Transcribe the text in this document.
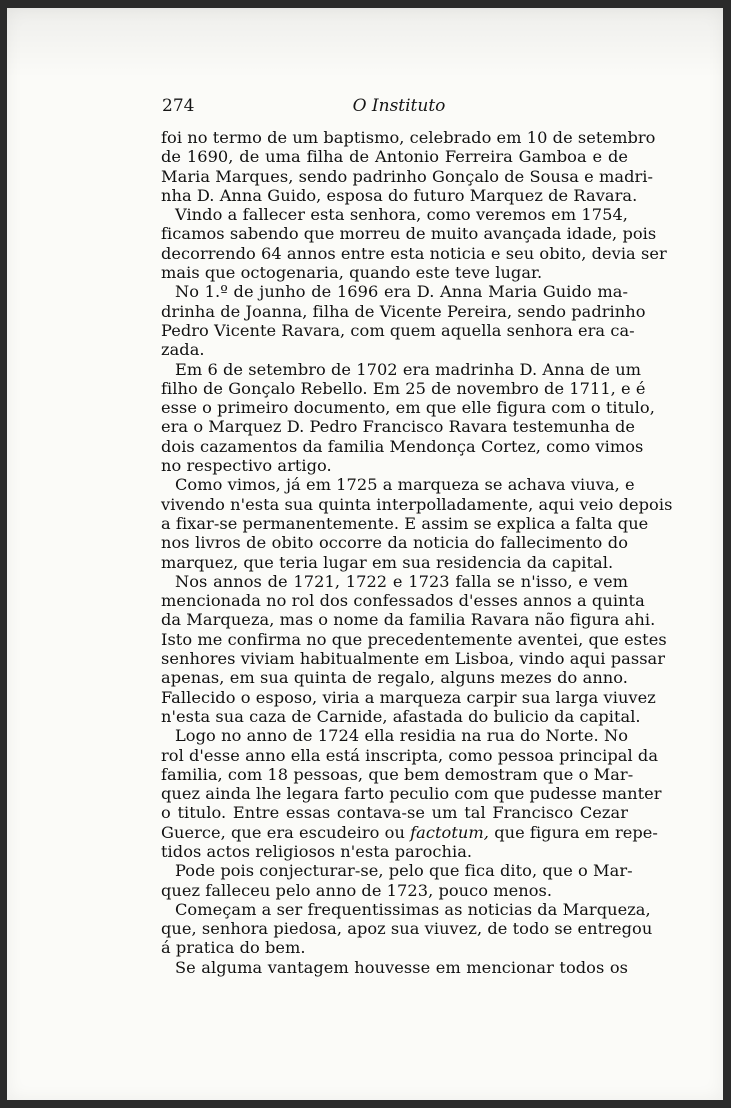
274	O Instituto
foi no termo de um baptismo, celebrado em 10 de setembro
de 1690, de uma filha de Antonio Ferreira Gamboa e de
Maria Marques, sendo padrinho Gonçalo de Sousa e madri-
nha D. Anna Guido, esposa do futuro Marquez de Ravara.
Vindo a fallecer esta senhora, como veremos em 1754,
ficamos sabendo que morreu de muito avançada idade, pois
decorrendo 64 annos entre esta noticia e seu obito, devia ser
mais que octogenaria, quando este teve lugar.
No 1.º de junho de 1696 era D. Anna Maria Guido ma-
drinha de Joanna, filha de Vicente Pereira, sendo padrinho
Pedro Vicente Ravara, com quem aquella senhora era ca-
zada.
Em 6 de setembro de 1702 era madrinha D. Anna de um
filho de Gonçalo Rebello. Em 25 de novembro de 1711, e é
esse o primeiro documento, em que elle figura com o titulo,
era o Marquez D. Pedro Francisco Ravara testemunha de
dois cazamentos da familia Mendonça Cortez, como vimos
no respectivo artigo.
Como vimos, já em 1725 a marqueza se achava viuva, e
vivendo n'esta sua quinta interpolladamente, aqui veio depois
a fixar-se permanentemente. E assim se explica a falta que
nos livros de obito occorre da noticia do fallecimento do
marquez, que teria lugar em sua residencia da capital.
Nos annos de 1721, 1722 e 1723 falla se n'isso, e vem
mencionada no rol dos confessados d'esses annos a quinta
da Marqueza, mas o nome da familia Ravara não figura ahi.
Isto me confirma no que precedentemente aventei, que estes
senhores viviam habitualmente em Lisboa, vindo aqui passar
apenas, em sua quinta de regalo, alguns mezes do anno.
Fallecido o esposo, viria a marqueza carpir sua larga viuvez
n'esta sua caza de Carnide, afastada do bulicio da capital.
Logo no anno de 1724 ella residia na rua do Norte. No
rol d'esse anno ella está inscripta, como pessoa principal da
familia, com 18 pessoas, que bem demostram que o Mar-
quez ainda lhe legara farto peculio com que pudesse manter
o titulo. Entre essas contava-se um tal Francisco Cezar
Guerce, que era escudeiro ou factotum, que figura em repe-
tidos actos religiosos n'esta parochia.
Pode pois conjecturar-se, pelo que fica dito, que o Mar-
quez falleceu pelo anno de 1723, pouco menos.
Começam a ser frequentissimas as noticias da Marqueza,
que, senhora piedosa, apoz sua viuvez, de todo se entregou
á pratica do bem.
Se alguma vantagem houvesse em mencionar todos os
